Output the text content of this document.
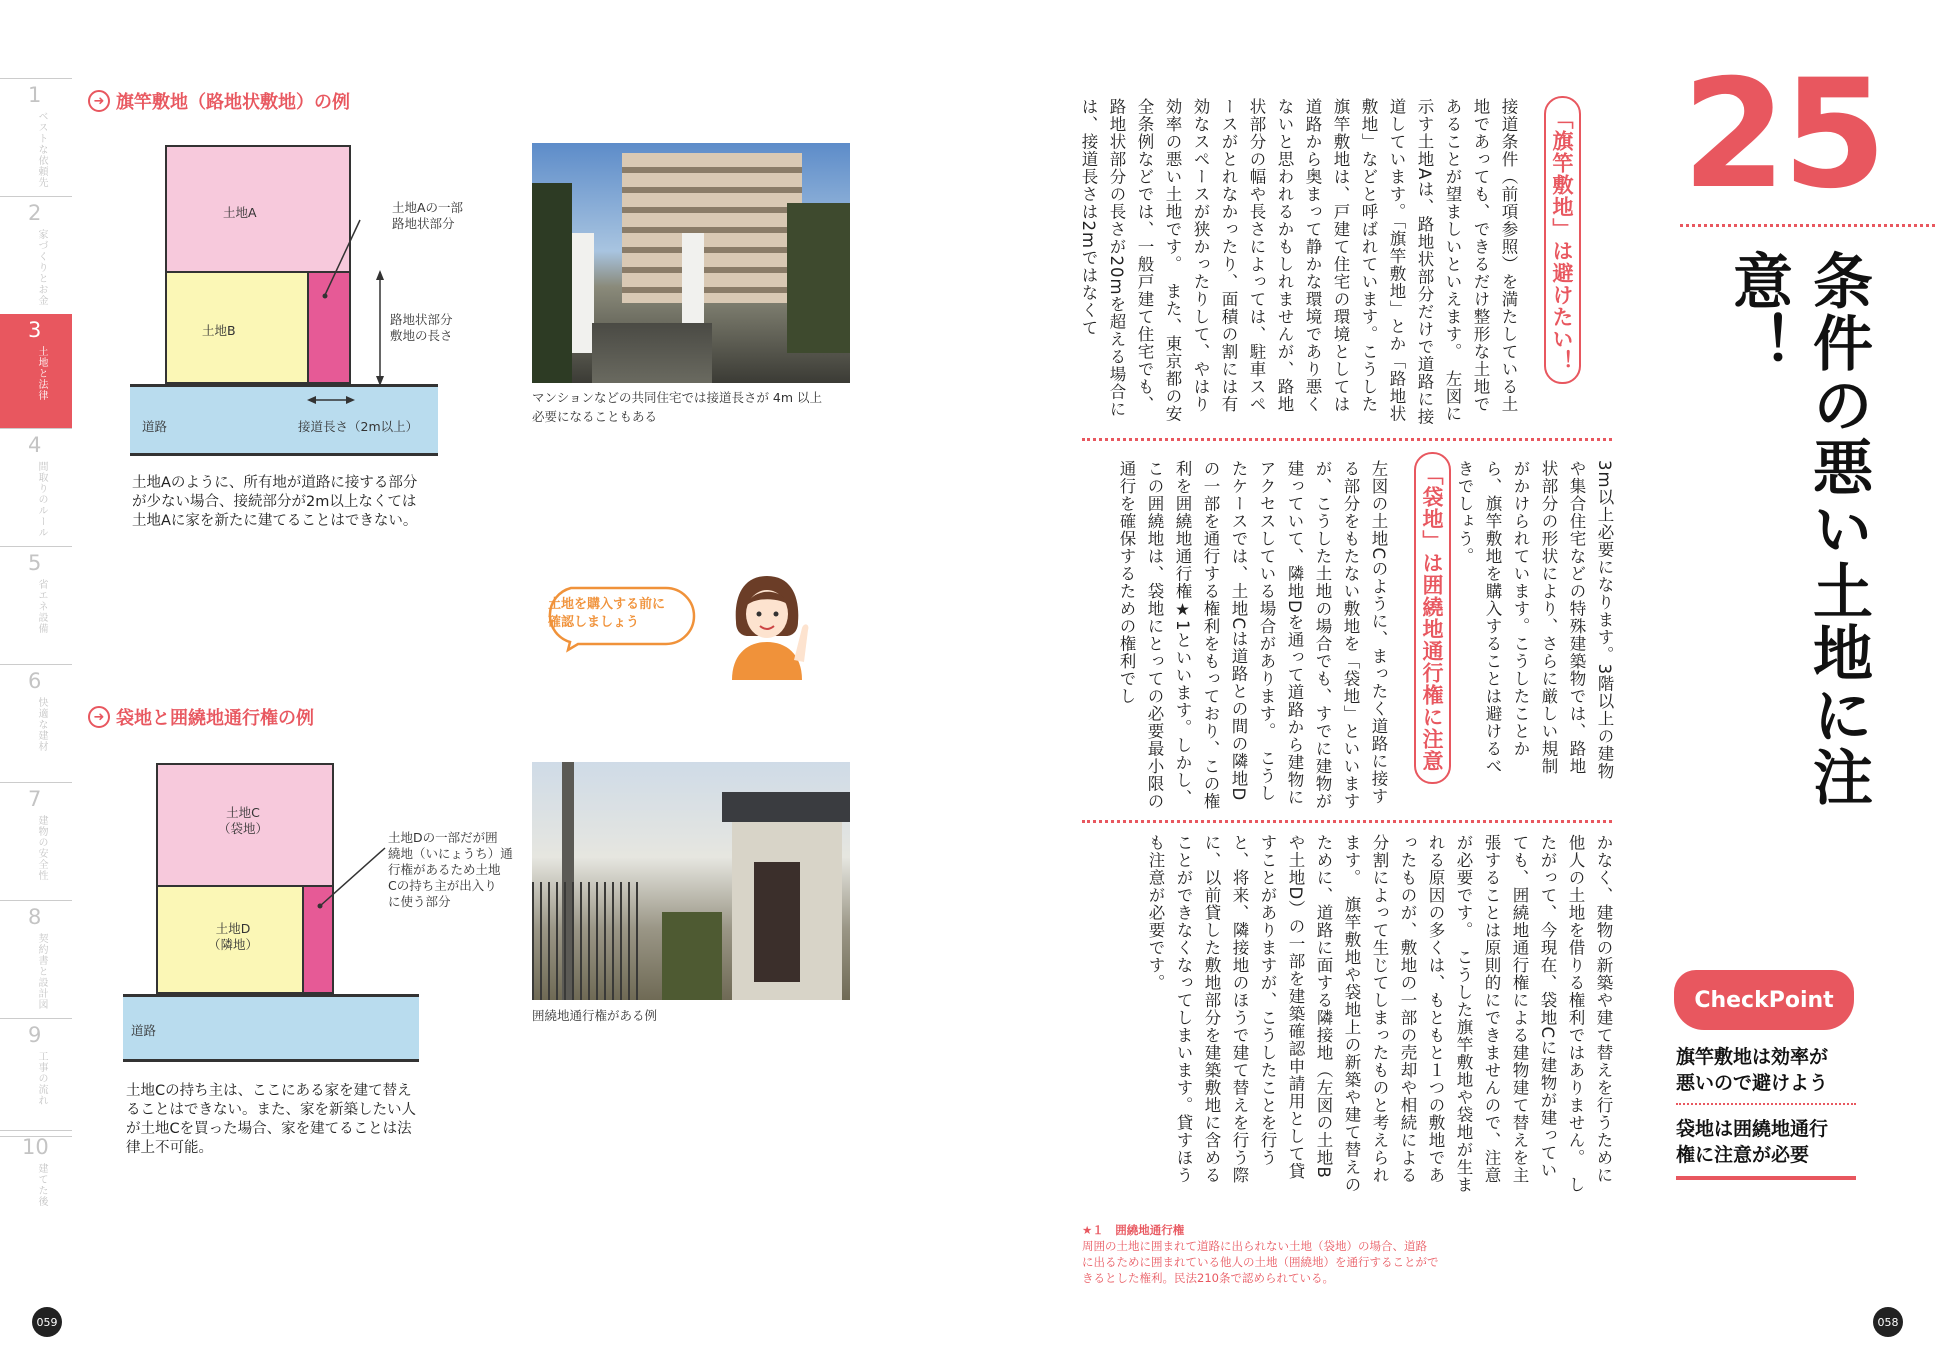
1
ベストな依頼先
2
家づくりとお金
3
土地と法律
4
間取りのルール
5
省エネ設備
6
快適な建材
7
建物の安全性
8
契約書と設計図
9
工事の流れ
10
建てた後
➜ 旗竿敷地（路地状敷地）の例
土地A
土地B
道路	接道長さ（2m以上）
土地Aの一部
路地状部分
路地状部分
敷地の長さ
土地Aのように、所有地が道路に接する部分
が少ない場合、接続部分が2m以上なくては
土地Aに家を新たに建てることはできない。
マンションなどの共同住宅では接道長さが 4m 以上
必要になることもある
土地を購入する前に
確認しましょう
➜ 袋地と囲繞地通行権の例
土地C
（袋地）
土地D
（隣地）
道路
土地Dの一部だが囲
繞地（いにょうち）通
行権があるため土地
Cの持ち主が出入り
に使う部分
囲繞地通行権がある例
土地Cの持ち主は、ここにある家を建て替え
ることはできない。また、家を新築したい人
が土地Cを買った場合、家を建てることは法
律上不可能。
059
25
条件の悪い土地に注意！
「旗竿敷地」は避けたい！
接道条件（前項参照）を満たしている土地であっても、できるだけ整形な土地であることが望ましいといえます。　左図に示す土地Aは、路地状部分だけで道路に接道しています。「旗竿敷地」とか「路地状敷地」などと呼ばれています。こうした旗竿敷地は、戸建て住宅の環境としては道路から奥まって静かな環境であり悪くないと思われるかもしれませんが、路地状部分の幅や長さによっては、駐車スペースがとれなかったり、面積の割には有効なスペースが狭かったりして、やはり効率の悪い土地です。　また、東京都の安全条例などでは、一般戸建て住宅でも、路地状部分の長さが20mを超える場合には、接道長さは2mではなくて
3m以上必要になります。3階以上の建物や集合住宅などの特殊建築物では、路地状部分の形状により、さらに厳しい規制がかけられています。こうしたことから、旗竿敷地を購入することは避けるべきでしょう。
「袋地」は囲繞地通行権に注意
左図の土地Cのように、まったく道路に接する部分をもたない敷地を「袋地」といいますが、こうした土地の場合でも、すでに建物が建っていて、隣地Dを通って道路から建物にアクセスしている場合があります。　こうしたケースでは、土地Cは道路との間の隣地Dの一部を通行する権利をもっており、この権利を囲繞地通行権★1といいます。しかし、この囲繞地は、袋地にとっての必要最小限の通行を確保するための権利でし
かなく、建物の新築や建て替えを行うために他人の土地を借りる権利ではありません。　したがって、今現在、袋地Cに建物が建っていても、囲繞地通行権による建物建て替えを主張することは原則的にできませんので、注意が必要です。　こうした旗竿敷地や袋地が生まれる原因の多くは、もともと１つの敷地であったものが、敷地の一部の売却や相続による分割によって生じてしまったものと考えられます。　旗竿敷地や袋地上の新築や建て替えのために、道路に面する隣接地（左図の土地Bや土地D）の一部を建築確認申請用として貸すことがありますが、こうしたことを行うと、将来、隣接地のほうで建て替えを行う際に、以前貸した敷地部分を建築敷地に含めることができなくなってしまいます。貸すほうも注意が必要です。
CheckPoint
旗竿敷地は効率が
悪いので避けよう
袋地は囲繞地通行
権に注意が必要
★１　囲繞地通行権
周囲の土地に囲まれて道路に出られない土地（袋地）の場合、道路
に出るために囲まれている他人の土地（囲繞地）を通行することがで
きるとした権利。民法210条で認められている。
058
